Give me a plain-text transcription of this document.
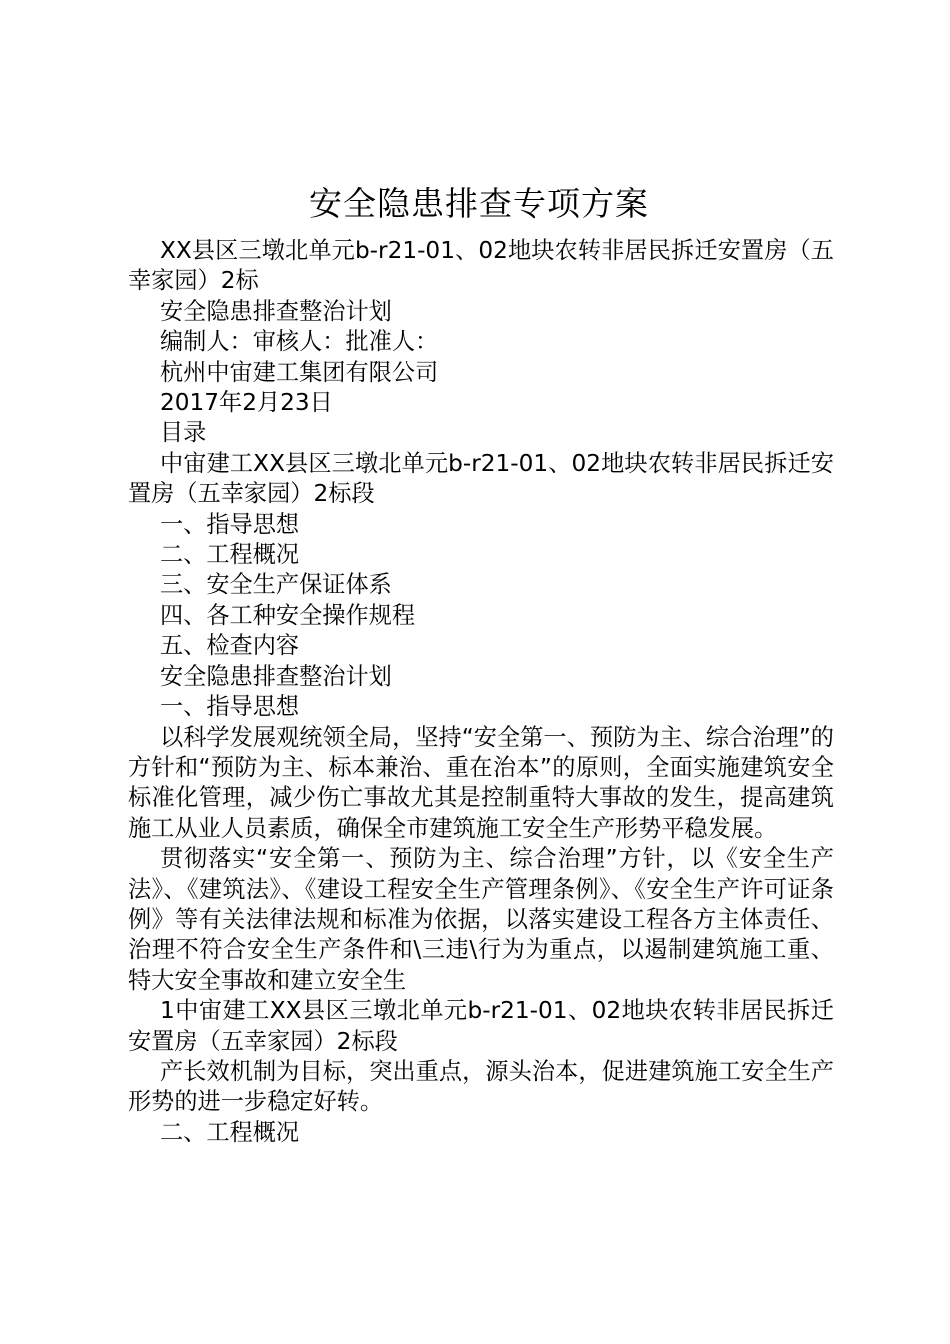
安全隐患排查专项方案

XX县区三墩北单元b-r21-01、02地块农转非居民拆迁安置房（五幸家园）2标

安全隐患排查整治计划

编制人：审核人：批准人：

杭州中宙建工集团有限公司

2017年2月23日

目录

中宙建工XX县区三墩北单元b-r21-01、02地块农转非居民拆迁安置房（五幸家园）2标段

一、指导思想

二、工程概况

三、安全生产保证体系

四、各工种安全操作规程

五、检查内容

安全隐患排查整治计划

一、指导思想

以科学发展观统领全局，坚持“安全第一、预防为主、综合治理”的方针和“预防为主、标本兼治、重在治本”的原则，全面实施建筑安全标准化管理，减少伤亡事故尤其是控制重特大事故的发生，提高建筑施工从业人员素质，确保全市建筑施工安全生产形势平稳发展。

贯彻落实“安全第一、预防为主、综合治理”方针，以《安全生产法》、《建筑法》、《建设工程安全生产管理条例》、《安全生产许可证条例》等有关法律法规和标准为依据，以落实建设工程各方主体责任、治理不符合安全生产条件和\三违\行为为重点，以遏制建筑施工重、特大安全事故和建立安全生

1中宙建工XX县区三墩北单元b-r21-01、02地块农转非居民拆迁安置房（五幸家园）2标段

产长效机制为目标，突出重点，源头治本，促进建筑施工安全生产形势的进一步稳定好转。

二、工程概况
